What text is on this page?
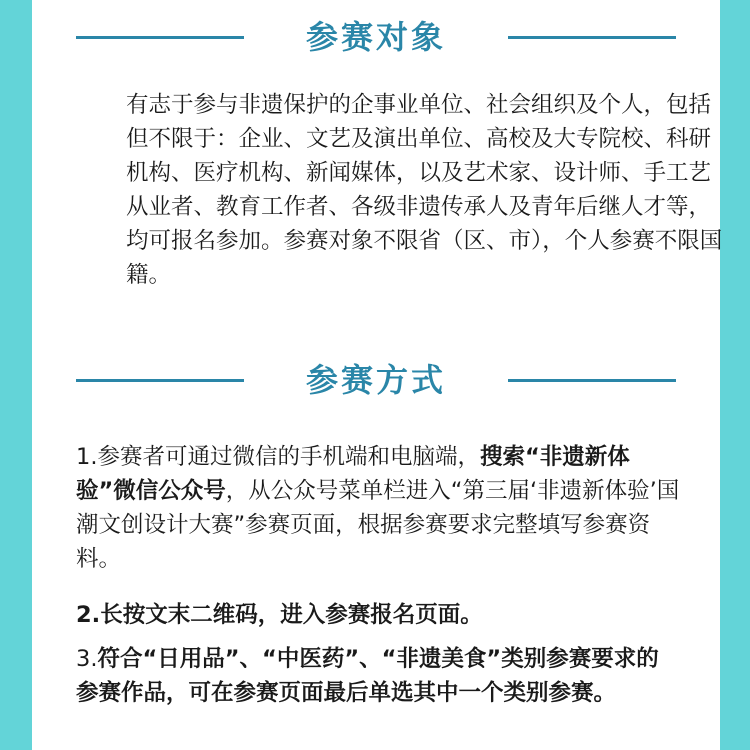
参赛对象
有志于参与非遗保护的企事业单位、社会组织及个人，包括但不限于：企业、文艺及演出单位、高校及大专院校、科研机构、医疗机构、新闻媒体，以及艺术家、设计师、手工艺从业者、教育工作者、各级非遗传承人及青年后继人才等，均可报名参加。参赛对象不限省（区、市），个人参赛不限国籍。
参赛方式
1.参赛者可通过微信的手机端和电脑端，搜索“非遗新体验”微信公众号，从公众号菜单栏进入“第三届‘非遗新体验’国潮文创设计大赛”参赛页面，根据参赛要求完整填写参赛资料。
2.长按文末二维码，进入参赛报名页面。
3.符合“日用品”、“中医药”、“非遗美食”类别参赛要求的参赛作品，可在参赛页面最后单选其中一个类别参赛。
